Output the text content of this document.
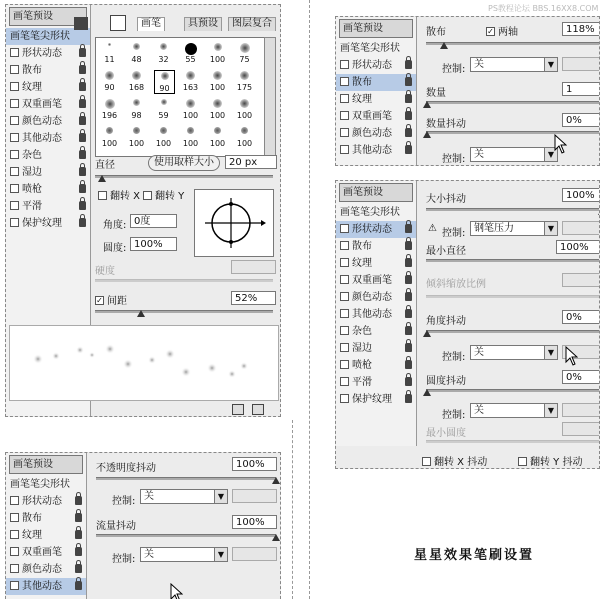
画笔预设
画笔笔尖形状
形状动态
散布
纹理
双重画笔
颜色动态
其他动态
杂色
湿边
喷枪
平滑
保护纹理
画笔	具预设	图层复合
11	48	32	55	100	75
90	168	90	163 100 175
196	98	59	100 100 100
100 100 100 100 100 100
直径	使用取样大小	20 px
翻转 X	翻转 Y
角度: 0度
圆度: 100%
硬度
✓ 间距	52%
画笔预设
画笔笔尖形状
形状动态
散布
纹理
双重画笔
颜色动态
其他动态
散布	✓ 两轴	118%
控制: 关	▼
数量	1
数量抖动	0%
控制: 关	▼
画笔预设
画笔笔尖形状
形状动态
散布
纹理
双重画笔
颜色动态
其他动态
杂色
湿边
喷枪
平滑
保护纹理
大小抖动	100%
⚠ 控制: 钢笔压力	▼
最小直径	100%
倾斜缩放比例
角度抖动	0%
控制: 关	▼
圆度抖动	0%
控制: 关	▼
最小圆度
翻转 X 抖动	翻转 Y 抖动
画笔预设
画笔笔尖形状
形状动态
散布
纹理
双重画笔
颜色动态
其他动态
不透明度抖动	100%
控制: 关	▼
流量抖动	100%
控制: 关	▼	星星效果笔刷设置
PS教程论坛 BBS.16XX8.COM
